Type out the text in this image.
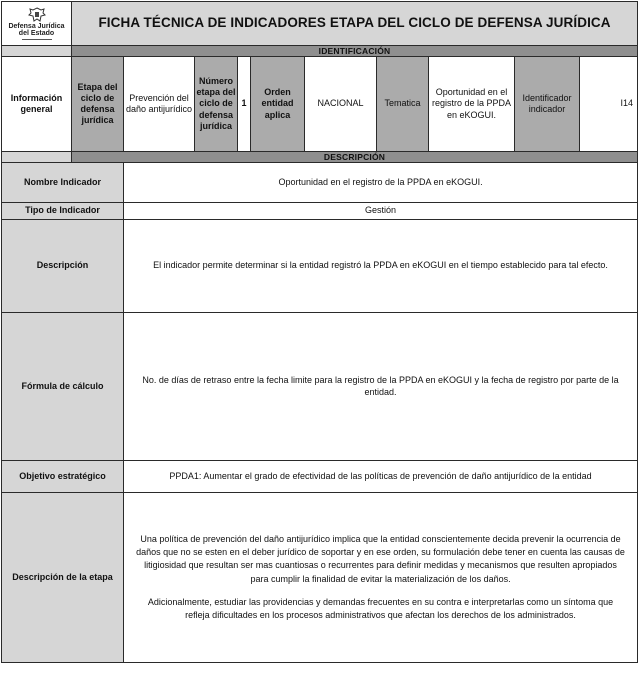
Defensa Jurídica
del Estado	FICHA TÉCNICA DE INDICADORES ETAPA DEL CICLO DE DEFENSA JURÍDICA									
	IDENTIFICACIÓN									
Información general	Etapa del ciclo de defensa jurídica	Prevención del daño antijurídico	Número etapa del ciclo de defensa jurídica	1	Orden entidad aplica	NACIONAL	Tematica	Oportunidad en el registro de la PPDA en eKOGUI.	Identificador indicador	I14
	DESCRIPCIÓN									
Nombre Indicador		Oportunidad en el registro de la PPDA en eKOGUI.								
Tipo de Indicador		Gestión								
Descripción		El indicador permite determinar si la entidad registró la PPDA en eKOGUI en el tiempo establecido para tal efecto.								
Fórmula de cálculo		No. de días de retraso entre la fecha limite para la registro de la PPDA en eKOGUI y la fecha de registro por parte de la entidad.								
Objetivo estratégico		PPDA1: Aumentar el grado de efectividad de las políticas de prevención de daño antijurídico de la entidad								
Descripción de la etapa		Una política de prevención del daño antijurídico implica que la entidad conscientemente decida prevenir la ocurrencia de daños que no se esten en el deber jurídico de soportar y en ese orden, su formulación debe tener en cuenta las causas de litigiosidad que resultan ser mas cuantiosas o recurrentes para definir medidas y mecanismos que resulten apropiados para cumplir la finalidad de evitar la materialización de los daños.

Adicionalmente, estudiar las providencias y demandas frecuentes en su contra e interpretarlas como un síntoma que refleja dificultades en los procesos administrativos que afectan los derechos de los administrados.								
